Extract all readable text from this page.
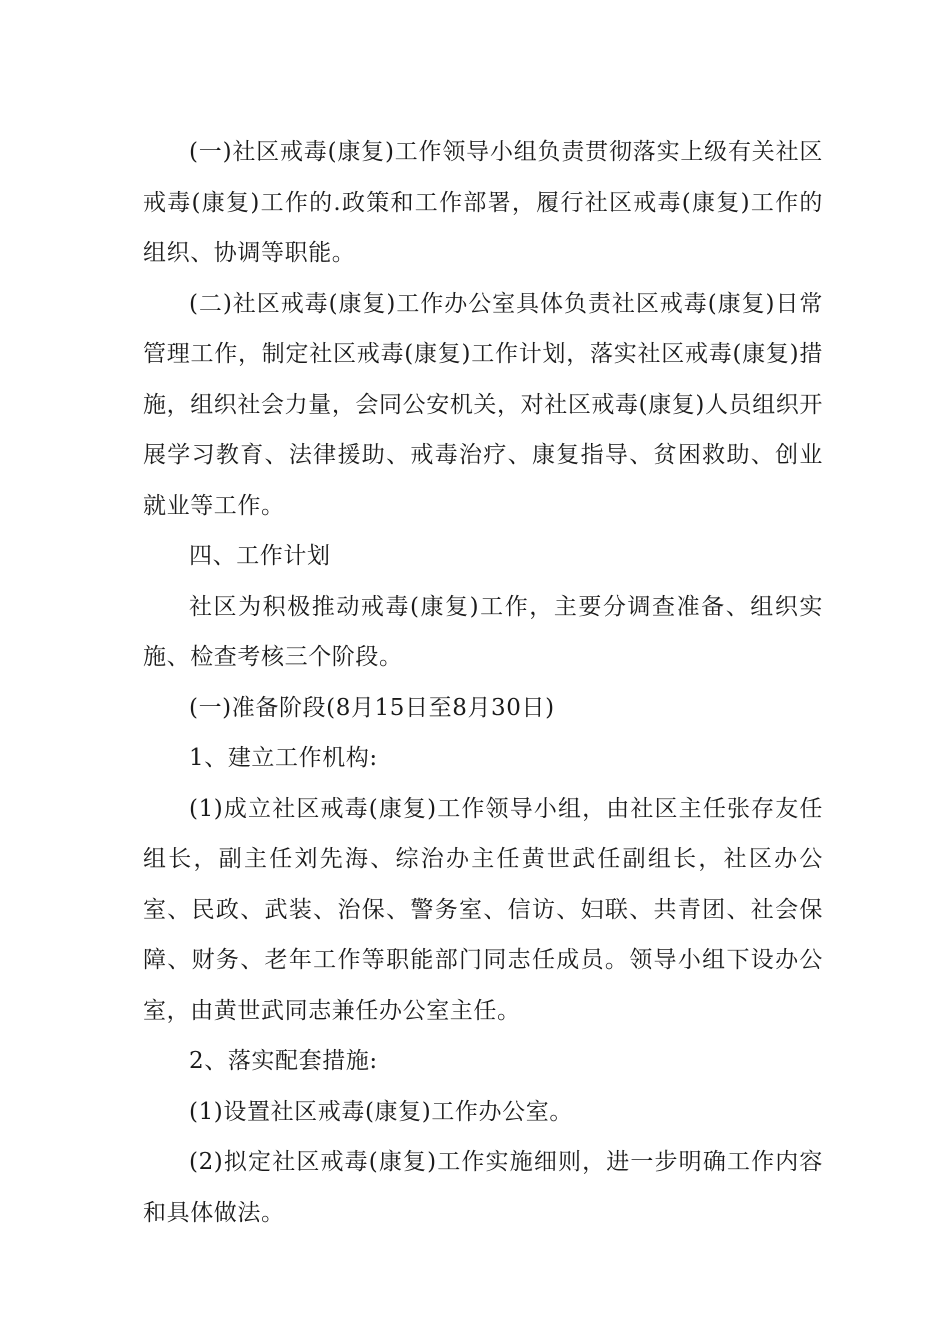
(一)社区戒毒(康复)工作领导小组负责贯彻落实上级有关社区戒毒(康复)工作的.政策和工作部署，履行社区戒毒(康复)工作的组织、协调等职能。

(二)社区戒毒(康复)工作办公室具体负责社区戒毒(康复)日常管理工作，制定社区戒毒(康复)工作计划，落实社区戒毒(康复)措施，组织社会力量，会同公安机关，对社区戒毒(康复)人员组织开展学习教育、法律援助、戒毒治疗、康复指导、贫困救助、创业就业等工作。

四、工作计划

社区为积极推动戒毒(康复)工作，主要分调查准备、组织实施、检查考核三个阶段。

(一)准备阶段(8月15日至8月30日)

1、建立工作机构:

(1)成立社区戒毒(康复)工作领导小组，由社区主任张存友任组长，副主任刘先海、综治办主任黄世武任副组长，社区办公室、民政、武装、治保、警务室、信访、妇联、共青团、社会保障、财务、老年工作等职能部门同志任成员。领导小组下设办公室，由黄世武同志兼任办公室主任。

2、落实配套措施:

(1)设置社区戒毒(康复)工作办公室。

(2)拟定社区戒毒(康复)工作实施细则，进一步明确工作内容和具体做法。
